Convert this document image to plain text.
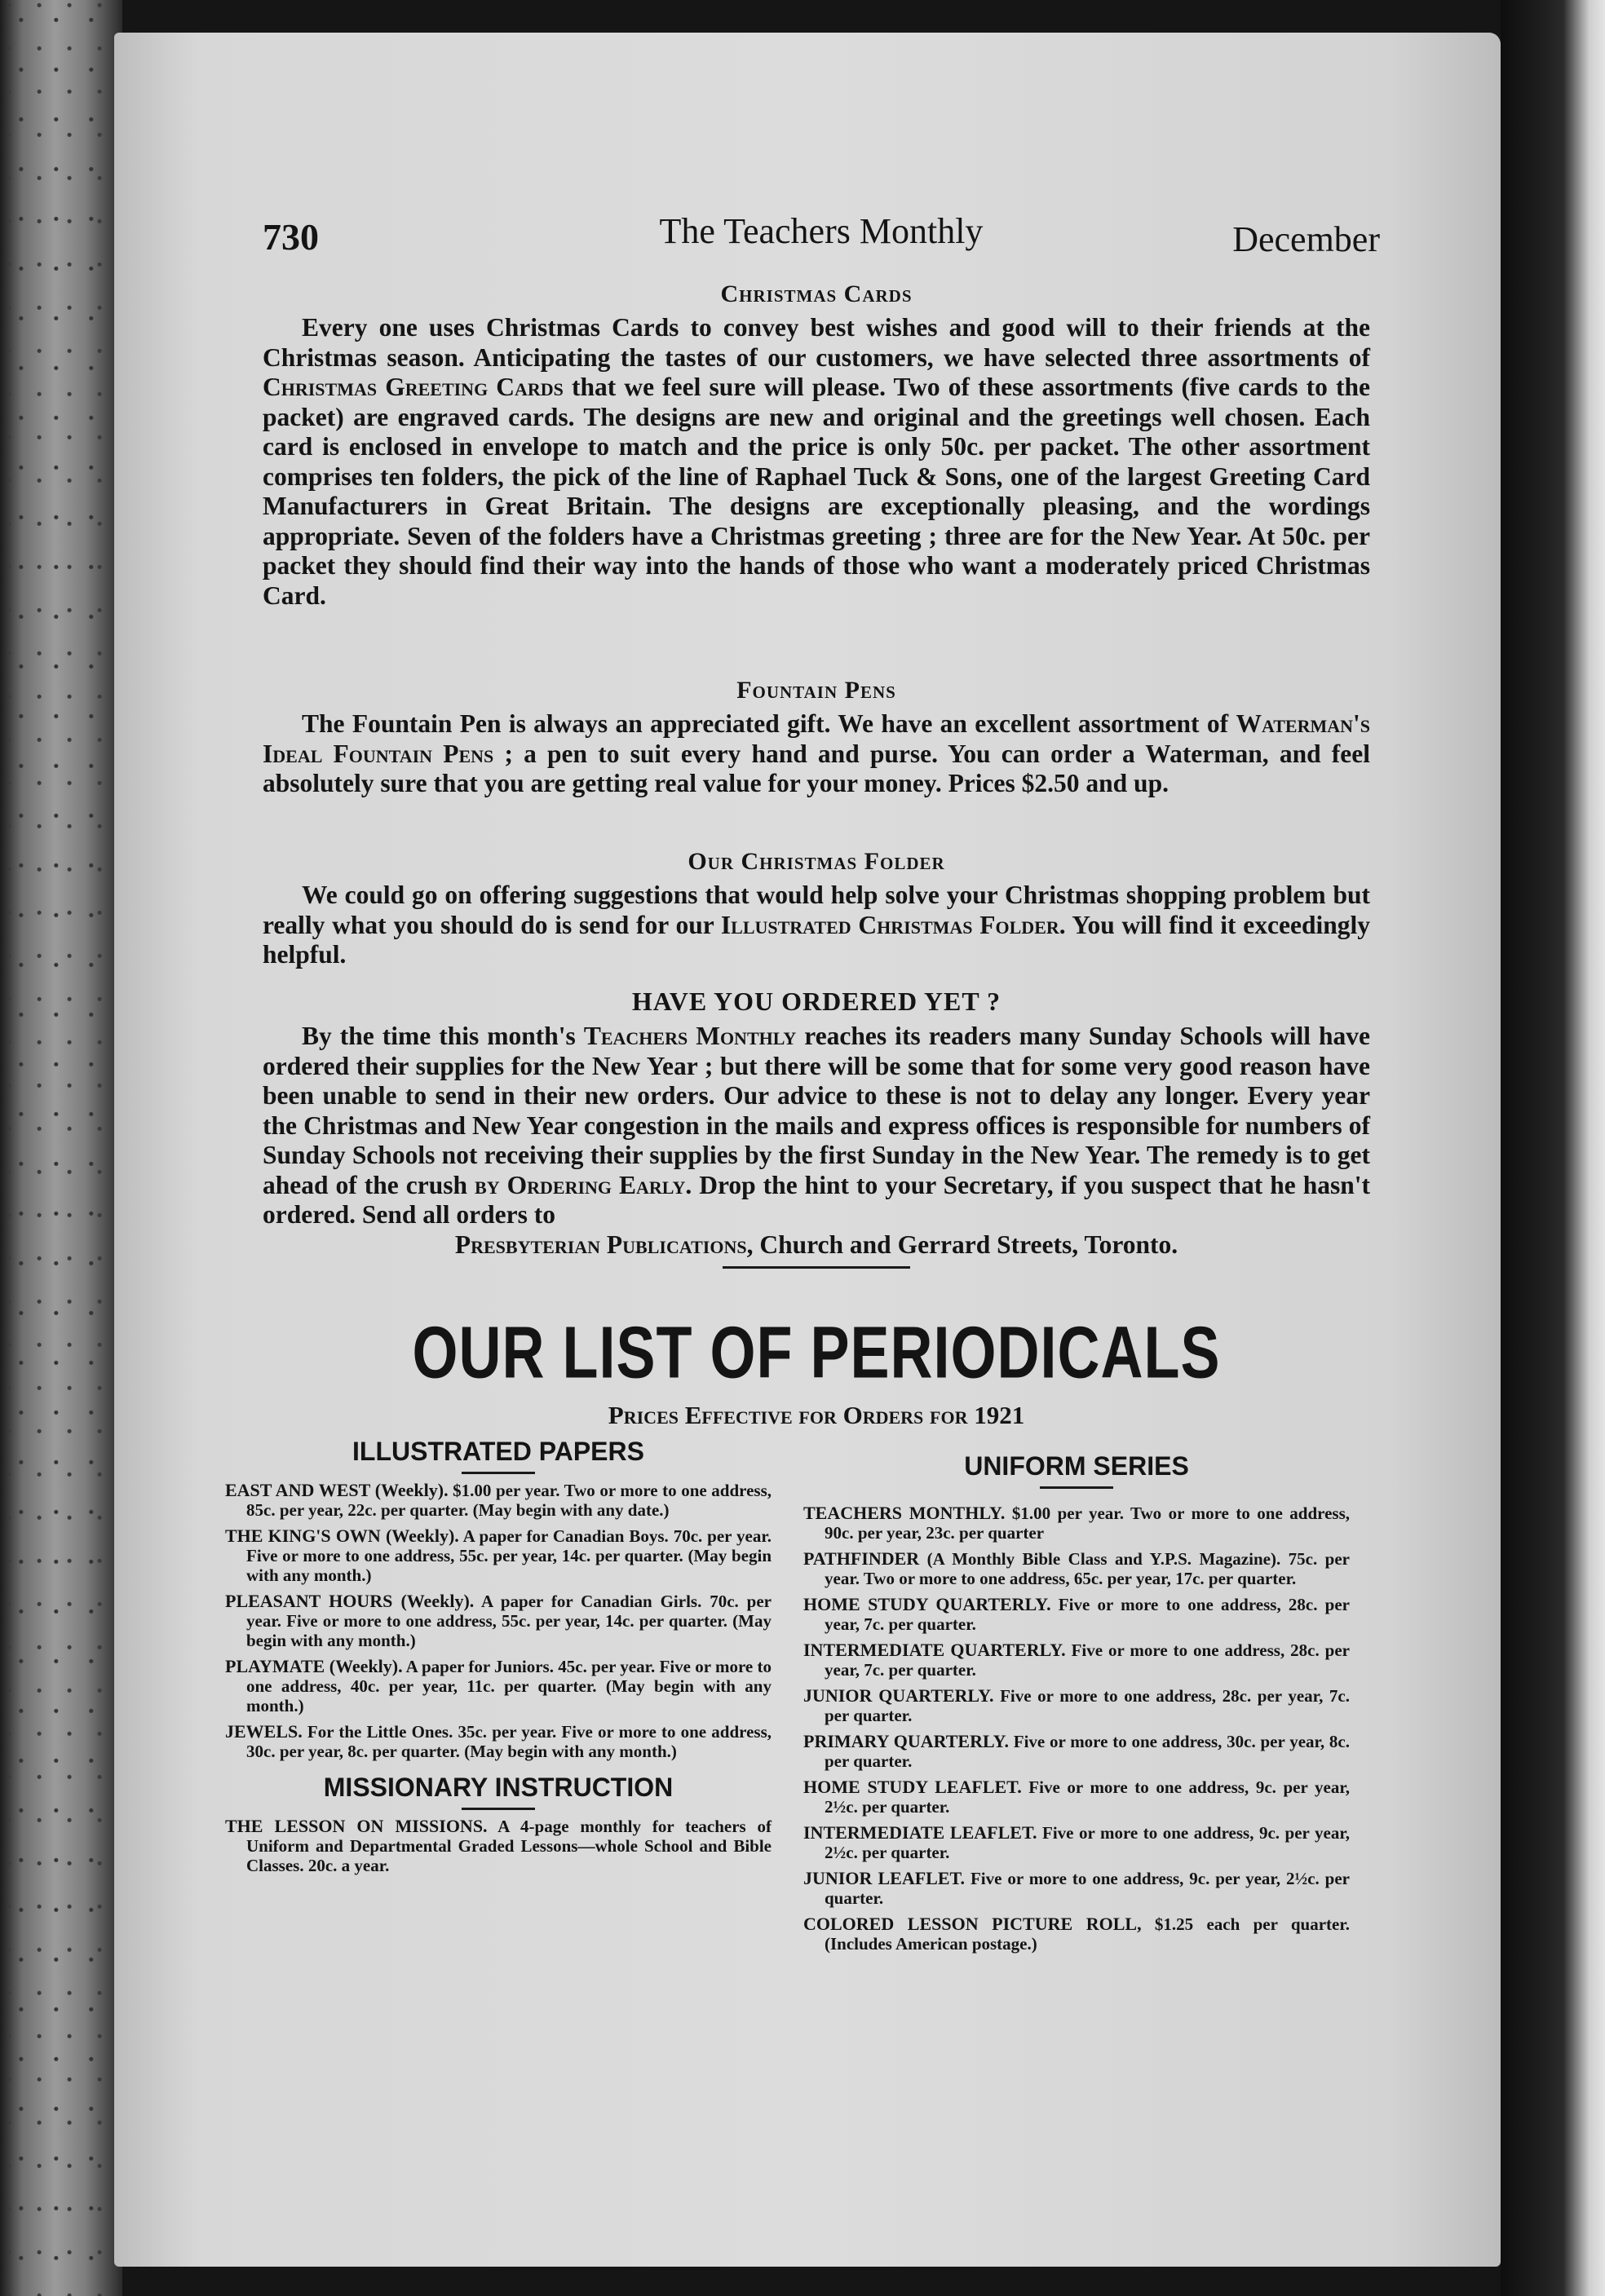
730	The Teachers Monthly	December
Christmas Cards

Every one uses Christmas Cards to convey best wishes and good will to their friends at the Christmas season. Anticipating the tastes of our customers, we have selected three assortments of Christmas Greeting Cards that we feel sure will please. Two of these assortments (five cards to the packet) are engraved cards. The designs are new and original and the greetings well chosen. Each card is enclosed in envelope to match and the price is only 50c. per packet. The other assortment comprises ten folders, the pick of the line of Raphael Tuck & Sons, one of the largest Greeting Card Manufacturers in Great Britain. The designs are exceptionally pleasing, and the wordings appropriate. Seven of the folders have a Christmas greeting ; three are for the New Year. At 50c. per packet they should find their way into the hands of those who want a moderately priced Christmas Card.

Fountain Pens

The Fountain Pen is always an appreciated gift. We have an excellent assortment of Waterman's Ideal Fountain Pens ; a pen to suit every hand and purse. You can order a Waterman, and feel absolutely sure that you are getting real value for your money. Prices $2.50 and up.

Our Christmas Folder

We could go on offering suggestions that would help solve your Christmas shopping problem but really what you should do is send for our Illustrated Christmas Folder. You will find it exceedingly helpful.

HAVE YOU ORDERED YET ?

By the time this month's Teachers Monthly reaches its readers many Sunday Schools will have ordered their supplies for the New Year ; but there will be some that for some very good reason have been unable to send in their new orders. Our advice to these is not to delay any longer. Every year the Christmas and New Year congestion in the mails and express offices is responsible for numbers of Sunday Schools not receiving their supplies by the first Sunday in the New Year. The remedy is to get ahead of the crush by Ordering Early. Drop the hint to your Secretary, if you suspect that he hasn't ordered. Send all orders to

Presbyterian Publications, Church and Gerrard Streets, Toronto.

OUR LIST OF PERIODICALS
Prices Effective for Orders for 1921
ILLUSTRATED PAPERS

EAST AND WEST (Weekly). $1.00 per year. Two or more to one address, 85c. per year, 22c. per quarter. (May begin with any date.)

THE KING'S OWN (Weekly). A paper for Canadian Boys. 70c. per year. Five or more to one address, 55c. per year, 14c. per quarter. (May begin with any month.)

PLEASANT HOURS (Weekly). A paper for Canadian Girls. 70c. per year. Five or more to one address, 55c. per year, 14c. per quarter. (May begin with any month.)

PLAYMATE (Weekly). A paper for Juniors. 45c. per year. Five or more to one address, 40c. per year, 11c. per quarter. (May begin with any month.)

JEWELS. For the Little Ones. 35c. per year. Five or more to one address, 30c. per year, 8c. per quarter. (May begin with any month.)

MISSIONARY INSTRUCTION

THE LESSON ON MISSIONS. A 4-page monthly for teachers of Uniform and Departmental Graded Lessons—whole School and Bible Classes. 20c. a year.

UNIFORM SERIES

TEACHERS MONTHLY. $1.00 per year. Two or more to one address, 90c. per year, 23c. per quarter

PATHFINDER (A Monthly Bible Class and Y.P.S. Magazine). 75c. per year. Two or more to one address, 65c. per year, 17c. per quarter.

HOME STUDY QUARTERLY. Five or more to one address, 28c. per year, 7c. per quarter.

INTERMEDIATE QUARTERLY. Five or more to one address, 28c. per year, 7c. per quarter.

JUNIOR QUARTERLY. Five or more to one address, 28c. per year, 7c. per quarter.

PRIMARY QUARTERLY. Five or more to one address, 30c. per year, 8c. per quarter.

HOME STUDY LEAFLET. Five or more to one address, 9c. per year, 2½c. per quarter.

INTERMEDIATE LEAFLET. Five or more to one address, 9c. per year, 2½c. per quarter.

JUNIOR LEAFLET. Five or more to one address, 9c. per year, 2½c. per quarter.

COLORED LESSON PICTURE ROLL, $1.25 each per quarter. (Includes American postage.)
